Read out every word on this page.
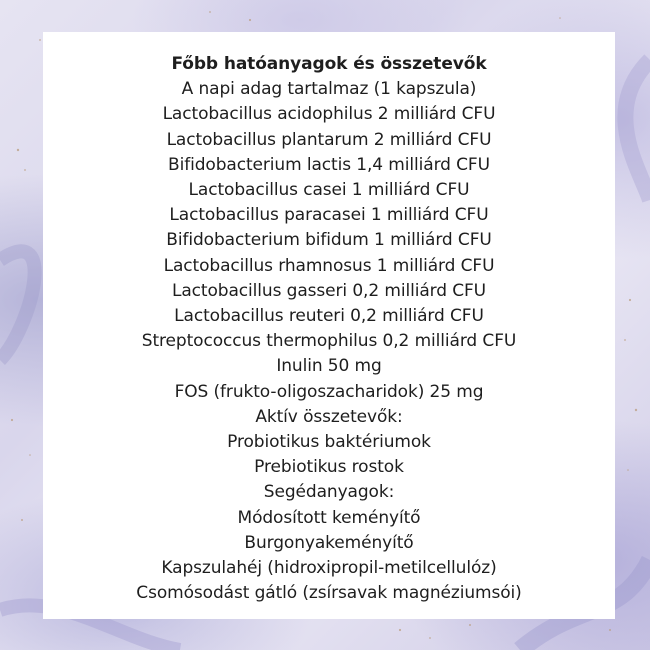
Főbb hatóanyagok és összetevők
A napi adag tartalmaz (1 kapszula)
Lactobacillus acidophilus 2 milliárd CFU
Lactobacillus plantarum 2 milliárd CFU
Bifidobacterium lactis 1,4 milliárd CFU
Lactobacillus casei 1 milliárd CFU
Lactobacillus paracasei 1 milliárd CFU
Bifidobacterium bifidum 1 milliárd CFU
Lactobacillus rhamnosus 1 milliárd CFU
Lactobacillus gasseri 0,2 milliárd CFU
Lactobacillus reuteri 0,2 milliárd CFU
Streptococcus thermophilus 0,2 milliárd CFU
Inulin 50 mg
FOS (frukto-oligoszacharidok) 25 mg
Aktív összetevők:
Probiotikus baktériumok
Prebiotikus rostok
Segédanyagok:
Módosított keményítő
Burgonyakeményítő
Kapszulahéj (hidroxipropil-metilcellulóz)
Csomósodást gátló (zsírsavak magnéziumsói)
